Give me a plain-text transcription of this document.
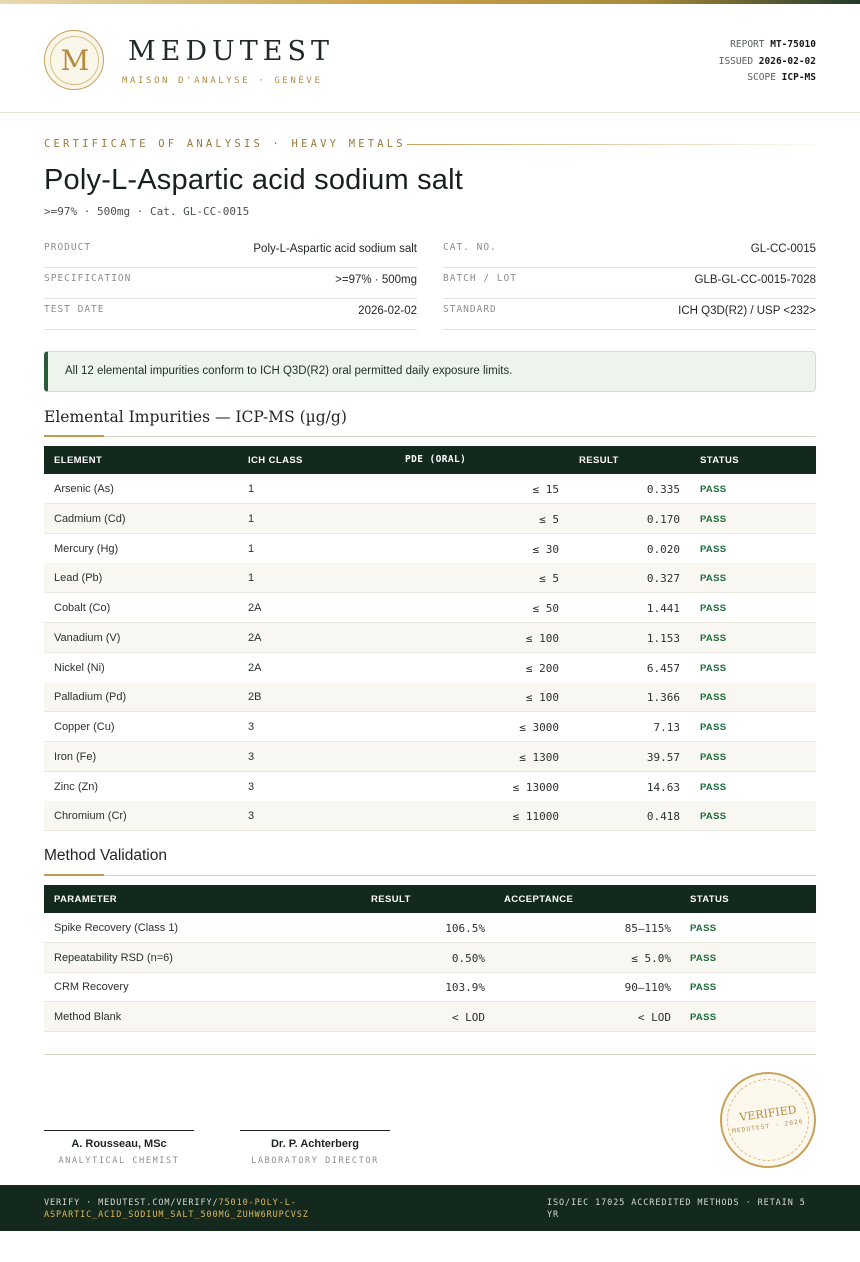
M	MEDUTEST
MAISON D'ANALYSE · GENÈVE
REPORT MT-75010
ISSUED 2026-02-02
SCOPE ICP-MS
CERTIFICATE OF ANALYSIS · HEAVY METALS
Poly-L-Aspartic acid sodium salt
>=97% · 500mg · Cat. GL-CC-0015
PRODUCT	Poly-L-Aspartic acid sodium salt
SPECIFICATION	>=97% · 500mg
TEST DATE	2026-02-02
CAT. NO.	GL-CC-0015
BATCH / LOT	GLB-GL-CC-0015-7028
STANDARD	ICH Q3D(R2) / USP <232>
All 12 elemental impurities conform to ICH Q3D(R2) oral permitted daily exposure limits.
Elemental Impurities — ICP-MS (µg/g)
ELEMENT	ICH CLASS	PDE (ORAL)	RESULT	STATUS
Arsenic (As)	1	≤ 15	0.335 PASS
Cadmium (Cd)	1	≤ 5	0.170 PASS
Mercury (Hg)	1	≤ 30	0.020 PASS
Lead (Pb)	1	≤ 5	0.327 PASS
Cobalt (Co)	2A	≤ 50	1.441 PASS
Vanadium (V)	2A	≤ 100	1.153 PASS
Nickel (Ni)	2A	≤ 200	6.457 PASS
Palladium (Pd)	2B	≤ 100	1.366 PASS
Copper (Cu)	3	≤ 3000	7.13 PASS
Iron (Fe)	3	≤ 1300	39.57 PASS
Zinc (Zn)	3	≤ 13000	14.63 PASS
Chromium (Cr)	3	≤ 11000	0.418 PASS
Method Validation
PARAMETER	RESULT	ACCEPTANCE	STATUS
Spike Recovery (Class 1)	106.5%	85–115% PASS
Repeatability RSD (n=6)	0.50%	≤ 5.0% PASS
CRM Recovery	103.9%	90–110% PASS
Method Blank	< LOD	< LOD PASS
A. Rousseau, MSc
ANALYTICAL CHEMIST
Dr. P. Achterberg
LABORATORY DIRECTOR
VERIFIED
MEDUTEST · 2026
VERIFY · MEDUTEST.COM/VERIFY/75010-POLY-L-ASPARTIC_ACID_SODIUM_SALT_500MG_ZUHW6RUPCVSZ
ISO/IEC 17025 ACCREDITED METHODS · RETAIN 5 YR
